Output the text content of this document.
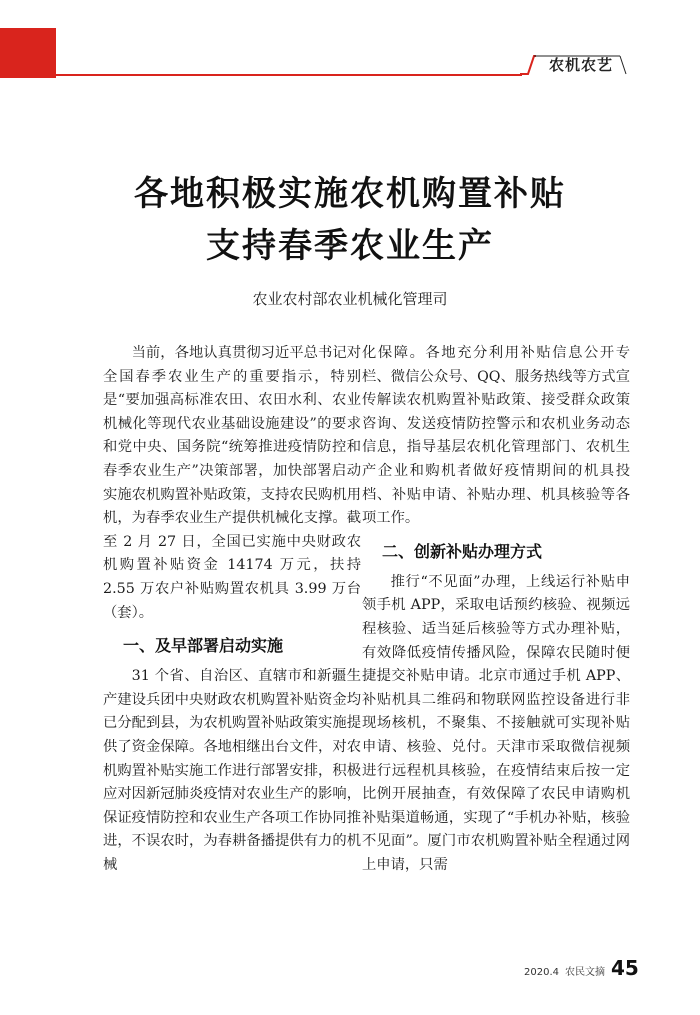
农机农艺
各地积极实施农机购置补贴
支持春季农业生产
农业农村部农业机械化管理司

当前，各地认真贯彻习近平总书记对全国春季农业生产的重要指示，特别是“要加强高标准农田、农田水利、农业机械化等现代农业基础设施建设”的要求和党中央、国务院“统筹推进疫情防控和春季农业生产”决策部署，加快部署启动实施农机购置补贴政策，支持农民购机用机，为春季农业生产提供机械化支撑。截至 2 月 27 日，全国已实施中央财政农机购置补贴资金 14174 万元，扶持 2.55 万农户补贴购置农机具 3.99 万台（套）。

一、及早部署启动实施

31 个省、自治区、直辖市和新疆生产建设兵团中央财政农机购置补贴资金均已分配到县，为农机购置补贴政策实施提供了资金保障。各地相继出台文件，对农机购置补贴实施工作进行部署安排，积极应对因新冠肺炎疫情对农业生产的影响，保证疫情防控和农业生产各项工作协同推进，不误农时，为春耕备播提供有力的机械

化保障。各地充分利用补贴信息公开专栏、微信公众号、QQ、服务热线等方式宣传解读农机购置补贴政策、接受群众政策咨询、发送疫情防控警示和农机业务动态信息，指导基层农机化管理部门、农机生产企业和购机者做好疫情期间的机具投档、补贴申请、补贴办理、机具核验等各项工作。

二、创新补贴办理方式

推行“不见面”办理，上线运行补贴申领手机 APP，采取电话预约核验、视频远程核验、适当延后核验等方式办理补贴，有效降低疫情传播风险，保障农民随时便捷提交补贴申请。北京市通过手机 APP、补贴机具二维码和物联网监控设备进行非现场核机，不聚集、不接触就可实现补贴申请、核验、兑付。天津市采取微信视频进行远程机具核验，在疫情结束后按一定比例开展抽查，有效保障了农民申请购机补贴渠道畅通，实现了“手机办补贴，核验不见面”。厦门市农机购置补贴全程通过网上申请，只需

2020.4 农民文摘 45
